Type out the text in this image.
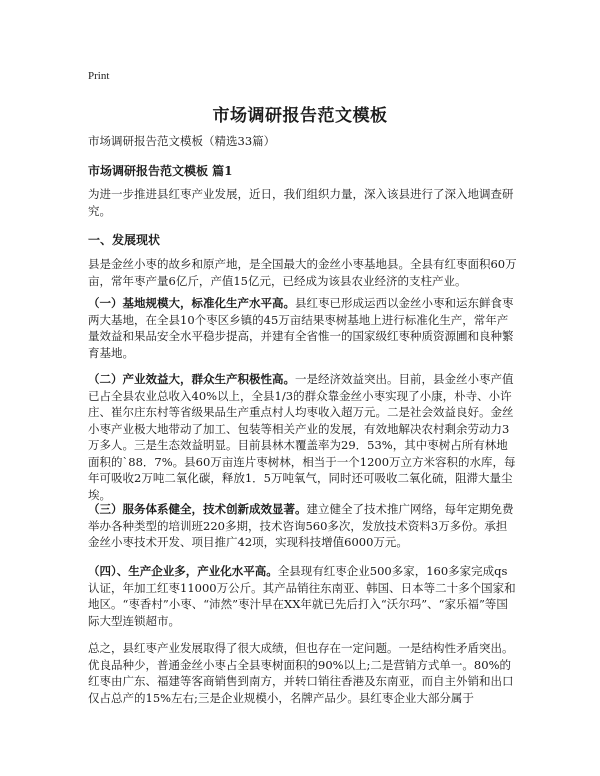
Print
市场调研报告范文模板
市场调研报告范文模板（精选33篇）
市场调研报告范文模板 篇1

为进一步推进县红枣产业发展，近日，我们组织力量，深入该县进行了深入地调查研究。

一、发展现状

县是金丝小枣的故乡和原产地，是全国最大的金丝小枣基地县。全县有红枣面积60万亩，常年枣产量6亿斤，产值15亿元，已经成为该县农业经济的支柱产业。

（一）基地规模大，标准化生产水平高。县红枣已形成运西以金丝小枣和运东鲜食枣两大基地，在全县10个枣区乡镇的45万亩结果枣树基地上进行标准化生产，常年产量效益和果品安全水平稳步提高，并建有全省惟一的国家级红枣种质资源圃和良种繁育基地。

（二）产业效益大，群众生产积极性高。一是经济效益突出。目前，县金丝小枣产值已占全县农业总收入40%以上，全县1/3的群众靠金丝小枣实现了小康，朴寺、小许庄、崔尔庄东村等省级果品生产重点村人均枣收入超万元。二是社会效益良好。金丝小枣产业极大地带动了加工、包装等相关产业的发展，有效地解决农村剩余劳动力3万多人。三是生态效益明显。目前县林木覆盖率为29．53%，其中枣树占所有林地面积的`88．7%。县60万亩连片枣树林，相当于一个1200万立方米容积的水库，每年可吸收2万吨二氧化碳，释放1．5万吨氧气，同时还可吸收二氧化硫，阻滞大量尘埃。

（三）服务体系健全，技术创新成效显著。建立健全了技术推广网络，每年定期免费举办各种类型的培训班220多期，技术咨询560多次，发放技术资料3万多份。承担金丝小枣技术开发、项目推广42项，实现科技增值6000万元。

（四）、生产企业多，产业化水平高。全县现有红枣企业500多家，160多家完成qs认证，年加工红枣11000万公斤。其产品销往东南亚、韩国、日本等二十多个国家和地区。“枣香村”小枣、“沛然”枣汁早在XX年就已先后打入“沃尔玛”、“家乐福”等国际大型连锁超市。

总之，县红枣产业发展取得了很大成绩，但也存在一定问题。一是结构性矛盾突出。优良品种少，普通金丝小枣占全县枣树面积的90%以上;二是营销方式单一。80%的红枣由广东、福建等客商销售到南方，并转口销往香港及东南亚，而自主外销和出口仅占总产的15%左右;三是企业规模小，名牌产品少。县红枣企业大部分属于
